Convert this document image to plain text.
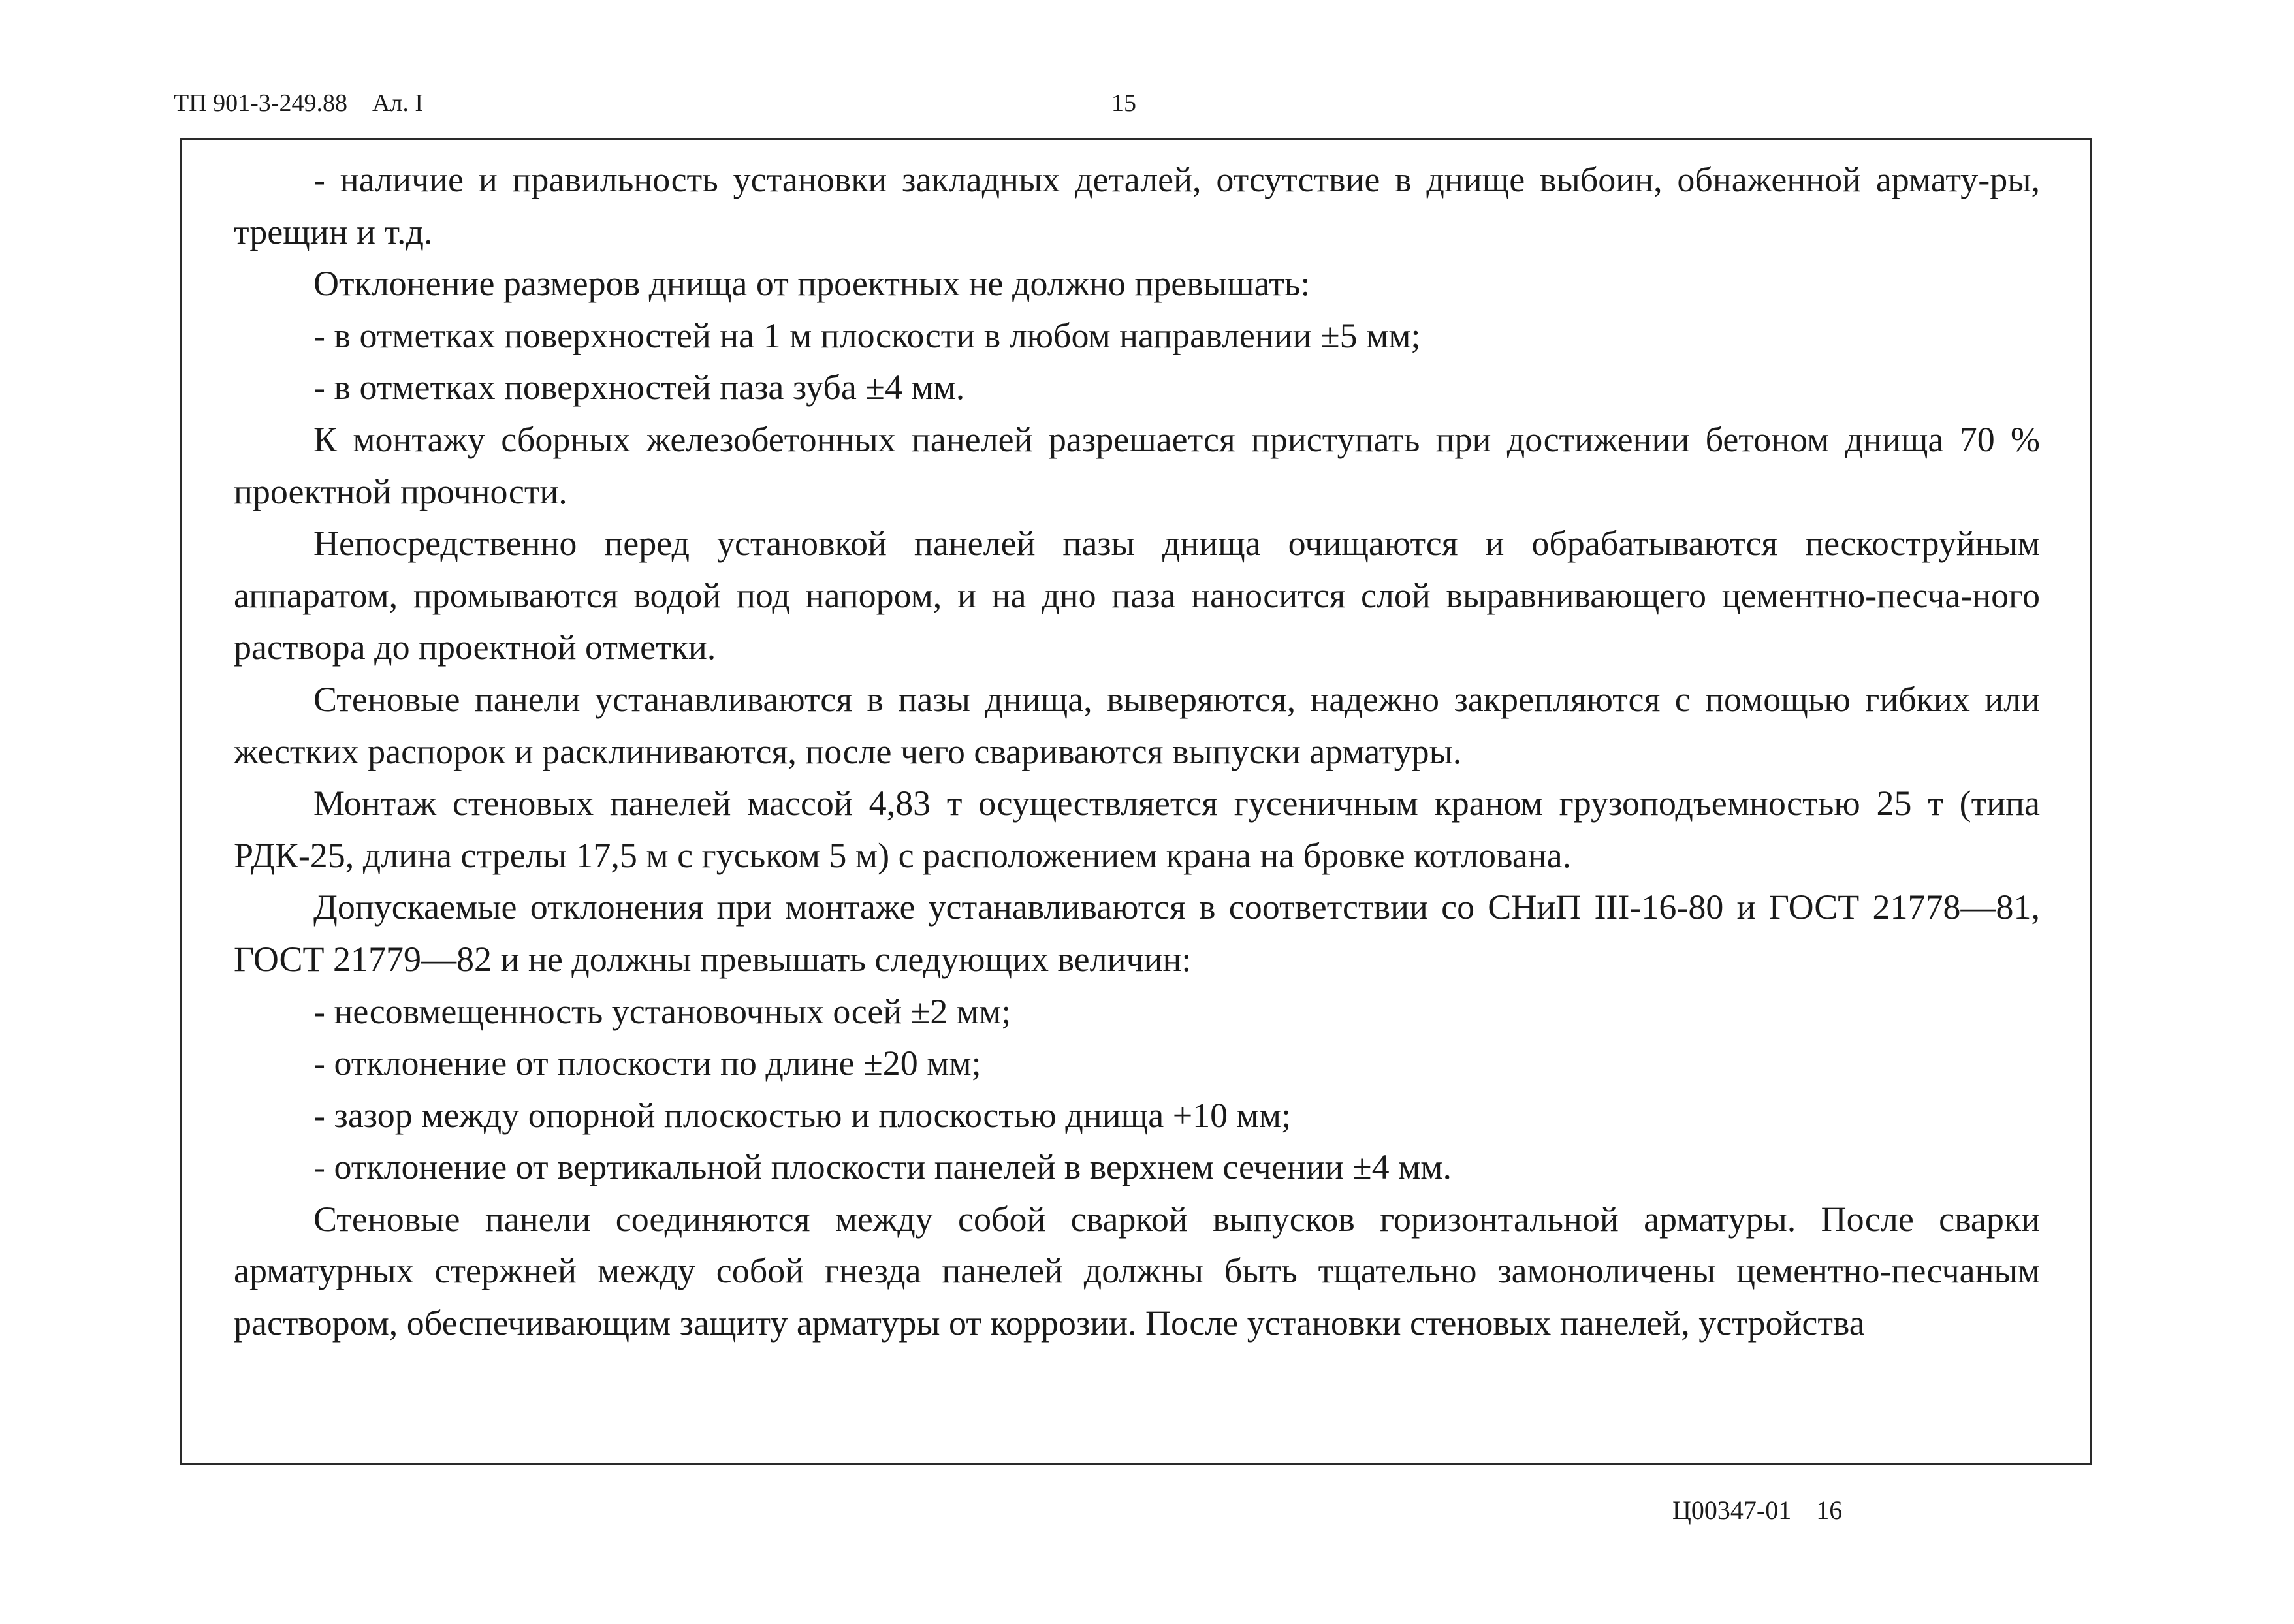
ТП 901-3-249.88 Ал. I	15

- наличие и правильность установки закладных деталей, отсутствие в днище выбоин, обнаженной армату-ры, трещин и т.д.

Отклонение размеров днища от проектных не должно превышать:

- в отметках поверхностей на 1 м плоскости в любом направлении ±5 мм;

- в отметках поверхностей паза зуба ±4 мм.

К монтажу сборных железобетонных панелей разрешается приступать при достижении бетоном днища 70 % проектной прочности.

Непосредственно перед установкой панелей пазы днища очищаются и обрабатываются пескоструйным аппаратом, промываются водой под напором, и на дно паза наносится слой выравнивающего цементно-песча-ного раствора до проектной отметки.

Стеновые панели устанавливаются в пазы днища, выверяются, надежно закрепляются с помощью гибких или жестких распорок и расклиниваются, после чего свариваются выпуски арматуры.

Монтаж стеновых панелей массой 4,83 т осуществляется гусеничным краном грузоподъемностью 25 т (типа РДК-25, длина стрелы 17,5 м с гуськом 5 м) с расположением крана на бровке котлована.

Допускаемые отклонения при монтаже устанавливаются в соответствии со СНиП III-16-80 и ГОСТ 21778—81, ГОСТ 21779—82 и не должны превышать следующих величин:

- несовмещенность установочных осей ±2 мм;

- отклонение от плоскости по длине ±20 мм;

- зазор между опорной плоскостью и плоскостью днища +10 мм;

- отклонение от вертикальной плоскости панелей в верхнем сечении ±4 мм.

Стеновые панели соединяются между собой сваркой выпусков горизонтальной арматуры. После сварки арматурных стержней между собой гнезда панелей должны быть тщательно замоноличены цементно-песчаным раствором, обеспечивающим защиту арматуры от коррозии. После установки стеновых панелей, устройства

Ц00347-01 16
